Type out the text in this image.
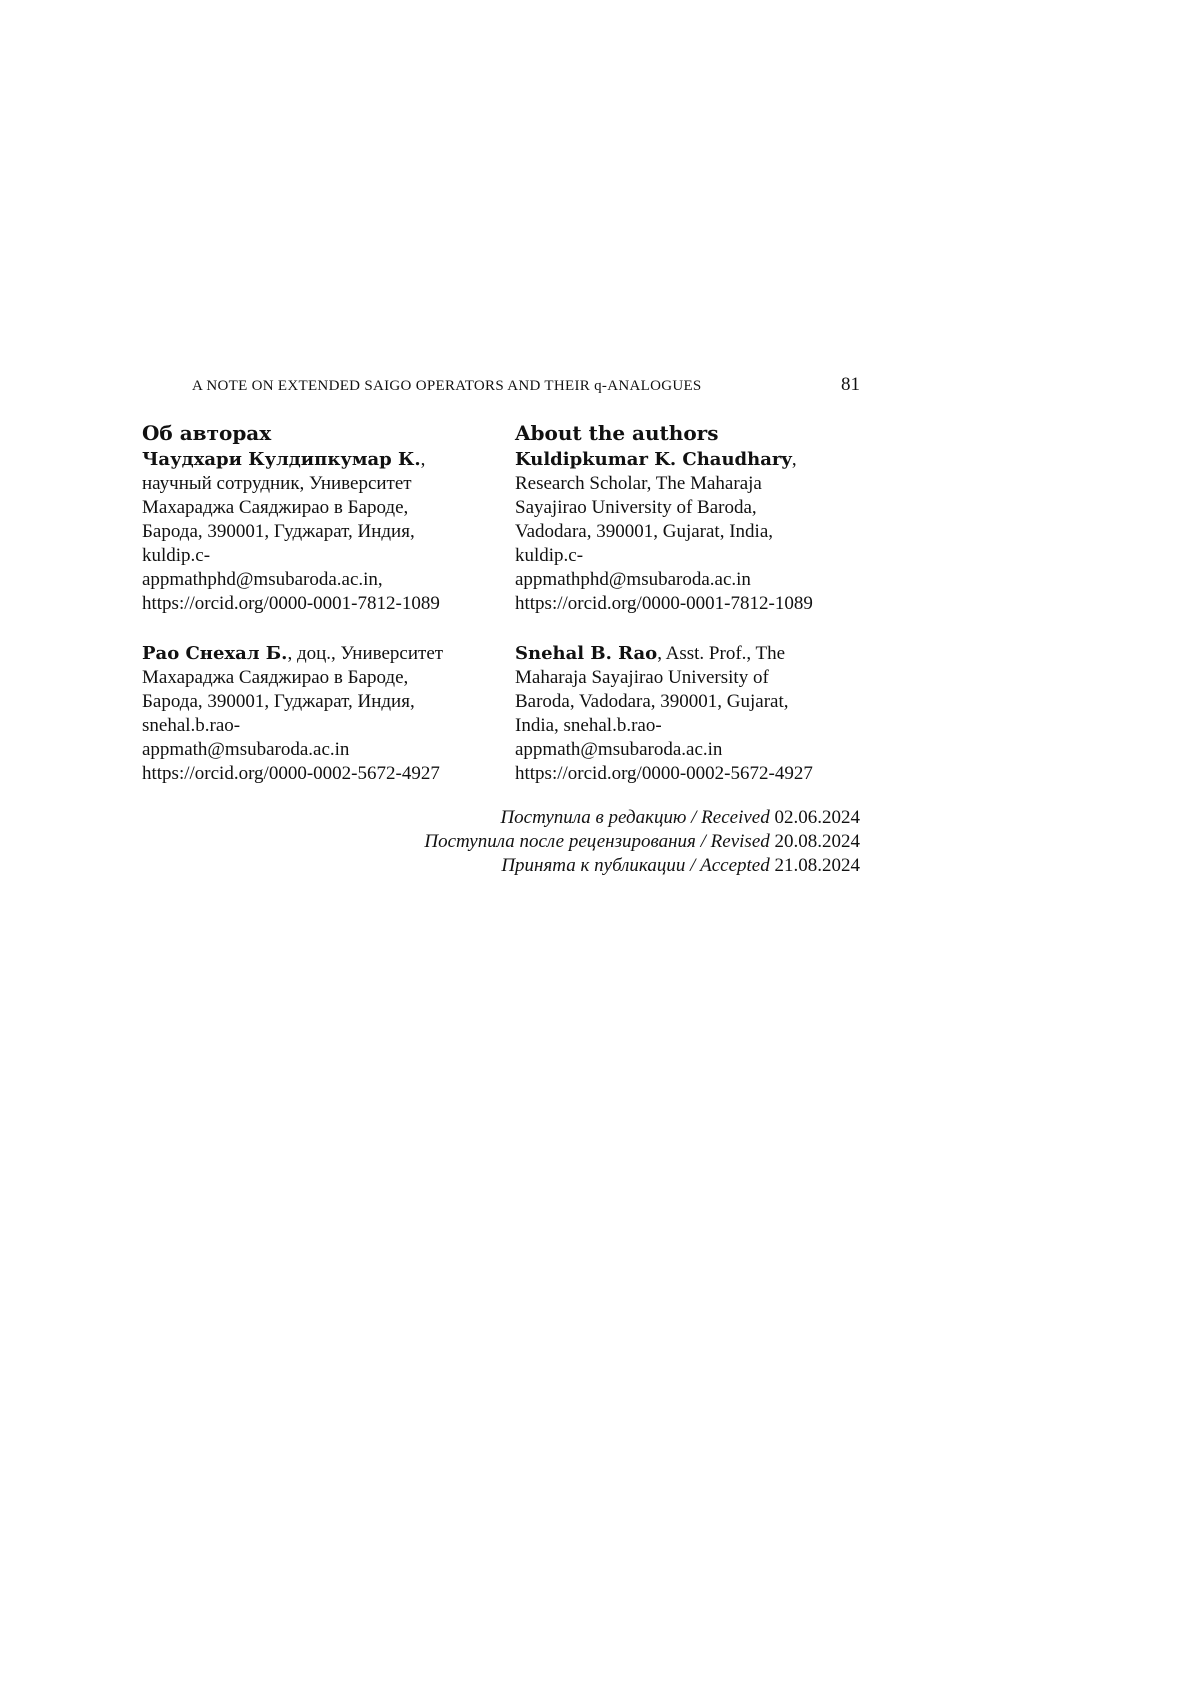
A NOTE ON EXTENDED SAIGO OPERATORS AND THEIR q-ANALOGUES	81
Об авторах
Чаудхари Кулдипкумар К.,
научный сотрудник, Университет
Махараджа Саяджирао в Бароде,
Барода, 390001, Гуджарат, Индия,
kuldip.c-
appmathphd@msubaroda.ac.in,
https://orcid.org/0000-0001-7812-1089
Рао Снехал Б., доц., Университет
Махараджа Саяджирао в Бароде,
Барода, 390001, Гуджарат, Индия,
snehal.b.rao-
appmath@msubaroda.ac.in
https://orcid.org/0000-0002-5672-4927
About the authors
Kuldipkumar K. Chaudhary,
Research Scholar, The Maharaja
Sayajirao University of Baroda,
Vadodara, 390001, Gujarat, India,
kuldip.c-
appmathphd@msubaroda.ac.in
https://orcid.org/0000-0001-7812-1089
Snehal B. Rao, Asst. Prof., The
Maharaja Sayajirao University of
Baroda, Vadodara, 390001, Gujarat,
India, snehal.b.rao-
appmath@msubaroda.ac.in
https://orcid.org/0000-0002-5672-4927
Поступила в редакцию / Received 02.06.2024
Поступила после рецензирования / Revised 20.08.2024
Принята к публикации / Accepted 21.08.2024
